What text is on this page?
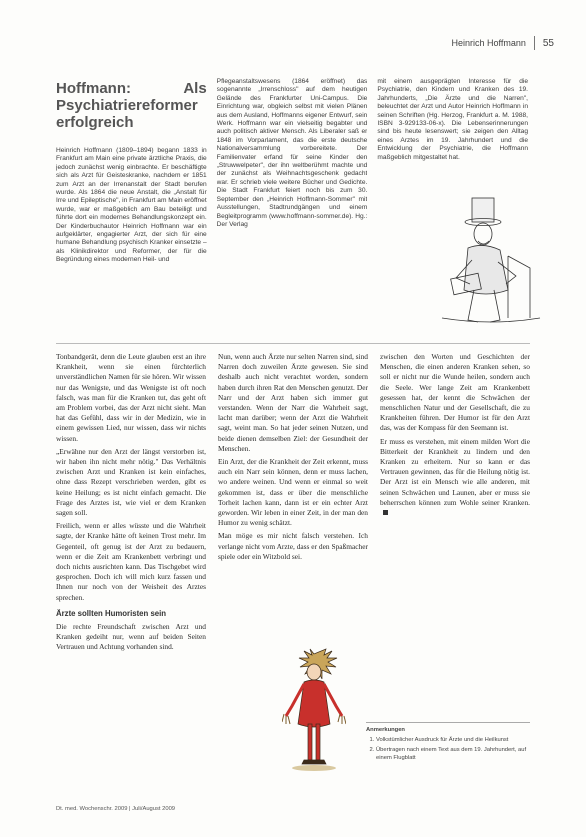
Heinrich Hoffmann 55
Hoffmann: Als Psychiatriereformer erfolgreich

Heinrich Hoffmann (1809–1894) begann 1833 in Frankfurt am Main eine private ärztliche Praxis, die jedoch zunächst wenig einbrachte. Er beschäftigte sich als Arzt für Geisteskranke, nachdem er 1851 zum Arzt an der Irrenanstalt der Stadt berufen wurde. Als 1864 die neue Anstalt, die „Anstalt für Irre und Epileptische", in Frankfurt am Main eröffnet wurde, war er maßgeblich am Bau beteiligt und führte dort ein modernes Behandlungskonzept ein. Der Kinderbuchautor Heinrich Hoffmann war ein aufgeklärter, engagierter Arzt, der sich für eine humane Behandlung psychisch Kranker einsetzte – als Klinikdirektor und Reformer, der für die Begründung eines modernen Heil- und

Pflegeanstaltswesens (1864 eröffnet) das sogenannte „Irrenschloss" auf dem heutigen Gelände des Frankfurter Uni-Campus. Die Einrichtung war, obgleich selbst mit vielen Plänen aus dem Ausland, Hoffmanns eigener Entwurf, sein Werk. Hoffmann war ein vielseitig begabter und auch politisch aktiver Mensch. Als Liberaler saß er 1848 im Vorparlament, das die erste deutsche Nationalversammlung vorbereitete. Der Familienvater erfand für seine Kinder den „Struwwelpeter", der ihn weltberühmt machte und der zunächst als Weihnachtsgeschenk gedacht war. Er schrieb viele weitere Bücher und Gedichte. Die Stadt Frankfurt feiert noch bis zum 30. September den „Heinrich Hoffmann-Sommer" mit Ausstellungen, Stadtrundgängen und einem Begleitprogramm (www.hoffmann-sommer.de). Hg.: Der Verlag

mit einem ausgeprägten Interesse für die Psychiatrie, den Kindern und Kranken des 19. Jahrhunderts, „Die Ärzte und die Narren", beleuchtet der Arzt und Autor Heinrich Hoffmann in seinen Schriften (Hg. Herzog, Frankfurt a. M. 1988, ISBN 3-929133-06-x). Die Lebenserinnerungen sind bis heute lesenswert; sie zeigen den Alltag eines Arztes im 19. Jahrhundert und die Entwicklung der Psychiatrie, die Hoffmann maßgeblich mitgestaltet hat.

Tonbandgerät, denn die Leute glauben erst an ihre Krankheit, wenn sie einen fürchterlich unverständlichen Namen für sie hören. Wir wissen nur das Wenigste, und das Wenigste ist oft noch falsch, was man für die Kranken tut, das geht oft am Problem vorbei, das der Arzt nicht sieht. Man hat das Gefühl, dass wir in der Medizin, wie in einem gewissen Lied, nur wissen, dass wir nichts wissen.

„Erwähne nur den Arzt der längst verstorben ist, wir haben ihn nicht mehr nötig." Das Verhältnis zwischen Arzt und Kranken ist kein einfaches, ohne dass Rezept verschrieben werden, gibt es keine Heilung; es ist nicht einfach gemacht. Die Frage des Arztes ist, wie viel er dem Kranken sagen soll.

Freilich, wenn er alles wüsste und die Wahrheit sagte, der Kranke hätte oft keinen Trost mehr. Im Gegenteil, oft genug ist der Arzt zu bedauern, wenn er die Zeit am Krankenbett verbringt und doch nichts ausrichten kann. Das Tischgebet wird gesprochen. Doch ich will mich kurz fassen und Ihnen nur noch von der Weisheit des Arztes sprechen.

Ärzte sollten Humoristen sein

Die rechte Freundschaft zwischen Arzt und Kranken gedeiht nur, wenn auf beiden Seiten Vertrauen und Achtung vorhanden sind.

Nun, wenn auch Ärzte nur selten Narren sind, sind Narren doch zuweilen Ärzte gewesen. Sie sind deshalb auch nicht verachtet worden, sondern haben durch ihren Rat den Menschen genutzt. Der Narr und der Arzt haben sich immer gut verstanden. Wenn der Narr die Wahrheit sagt, lacht man darüber; wenn der Arzt die Wahrheit sagt, weint man. So hat jeder seinen Nutzen, und beide dienen demselben Ziel: der Gesundheit der Menschen.

Ein Arzt, der die Krankheit der Zeit erkennt, muss auch ein Narr sein können, denn er muss lachen, wo andere weinen. Und wenn er einmal so weit gekommen ist, dass er über die menschliche Torheit lachen kann, dann ist er ein echter Arzt geworden. Wir leben in einer Zeit, in der man den Humor zu wenig schätzt.

Man möge es mir nicht falsch verstehen. Ich verlange nicht vom Arzte, dass er den Spaßmacher spiele oder ein Witzbold sei.

zwischen den Worten und Geschichten der Menschen, die einen anderen Kranken sehen, so soll er nicht nur die Wunde heilen, sondern auch die Seele. Wer lange Zeit am Krankenbett gesessen hat, der kennt die Schwächen der menschlichen Natur und der Gesellschaft, die zu Krankheiten führen. Der Humor ist für den Arzt das, was der Kompass für den Seemann ist.

Er muss es verstehen, mit einem milden Wort die Bitterkeit der Krankheit zu lindern und den Kranken zu erheitern. Nur so kann er das Vertrauen gewinnen, das für die Heilung nötig ist. Der Arzt ist ein Mensch wie alle anderen, mit seinen Schwächen und Launen, aber er muss sie beherrschen können zum Wohle seiner Kranken.

Anmerkungen
1. Volkstümlicher Ausdruck für Ärzte und die Heilkunst
2. Übertragen nach einem Text aus dem 19. Jahrhundert, auf einem Flugblatt
Dt. med. Wochenschr. 2009 | Juli/August 2009
